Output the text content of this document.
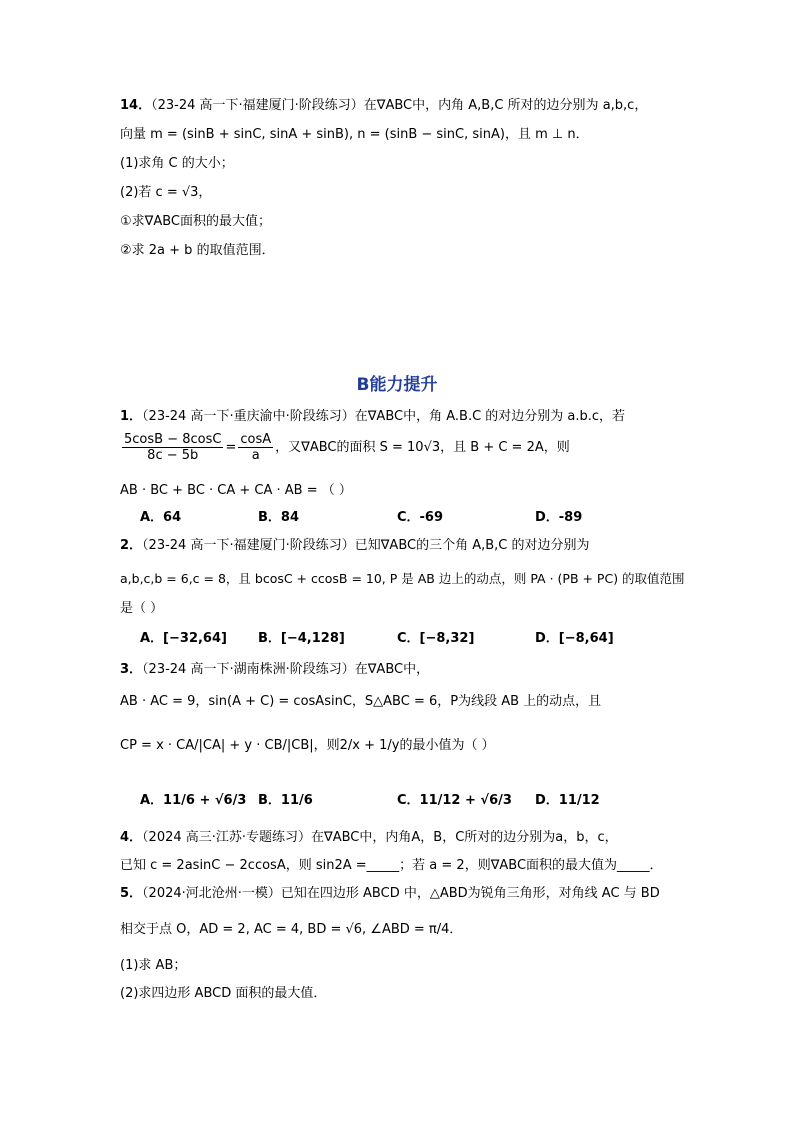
14．（23-24 高一下·福建厦门·阶段练习）在∇ABC中，内角 A,B,C 所对的边分别为 a,b,c，
向量 m = (sinB + sinC, sinA + sinB), n = (sinB − sinC, sinA)，且 m ⊥ n．
(1)求角 C 的大小；
(2)若 c = √3，
①求∇ABC面积的最大值；
②求 2a + b 的取值范围．
B能力提升
1．（23-24 高一下·重庆渝中·阶段练习）在∇ABC中，角 A.B.C 的对边分别为 a.b.c，若
$\frac{5\cos B - 8\cos C}{8c - 5b} = \frac{\cos A}{a}$ ，又∇ABC的面积 S = 10√3，且 B + C = 2A，则
AB · BC + BC · CA + CA · AB = （ ）
A．64	B．84	C．-69	D．-89
2．（23-24 高一下·福建厦门·阶段练习）已知∇ABC的三个角 A,B,C 的对边分别为
a,b,c,b = 6,c = 8，且 bcosC + ccosB = 10, P 是 AB 边上的动点，则 PA · (PB + PC) 的取值范围
是（ ）
A．[−32,64] B．[−4,128]	C．[−8,32]	D．[−8,64]
3．（23-24 高一下·湖南株洲·阶段练习）在∇ABC中，
AB · AC = 9，sin(A + C) = cosAsinC，S△ABC = 6，P为线段 AB 上的动点，且
CP = x · CA/|CA| + y · CB/|CB|，则2/x + 1/y的最小值为（ ）
A．11/6 + √6/3 B．11/6	C．11/12 + √6/3 D．11/12
4．（2024 高三·江苏·专题练习）在∇ABC中，内角A，B，C所对的边分别为a，b，c，
已知 c = 2asinC − 2ccosA，则 sin2A =_____；若 a = 2，则∇ABC面积的最大值为_____．
5．（2024·河北沧州·一模）已知在四边形 ABCD 中，△ABD为锐角三角形，对角线 AC 与 BD
相交于点 O，AD = 2, AC = 4, BD = √6, ∠ABD = π/4．
(1)求 AB；
(2)求四边形 ABCD 面积的最大值．
